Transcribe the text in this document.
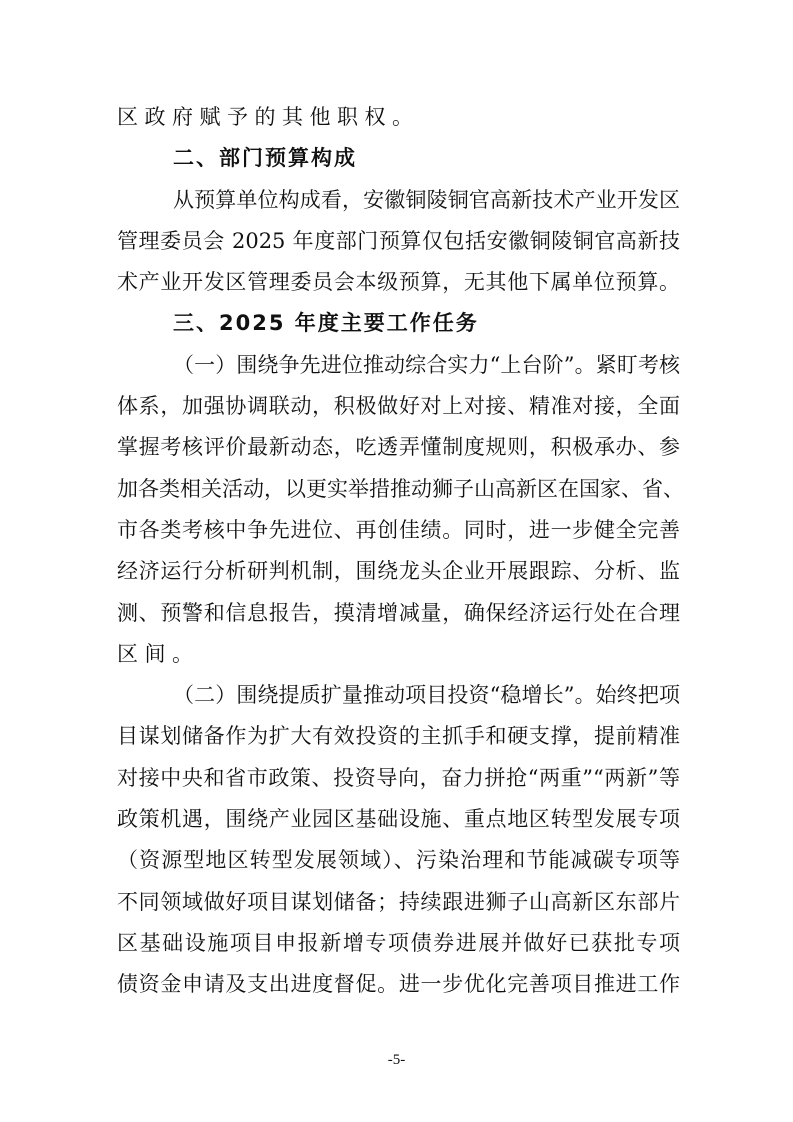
区政府赋予的其他职权。
二、部门预算构成
从预算单位构成看，安徽铜陵铜官高新技术产业开发区
管理委员会 2025 年度部门预算仅包括安徽铜陵铜官高新技
术产业开发区管理委员会本级预算，无其他下属单位预算。
三、2025 年度主要工作任务
（一）围绕争先进位推动综合实力“上台阶”。紧盯考核
体系，加强协调联动，积极做好对上对接、精准对接，全面
掌握考核评价最新动态，吃透弄懂制度规则，积极承办、参
加各类相关活动，以更实举措推动狮子山高新区在国家、省、
市各类考核中争先进位、再创佳绩。同时，进一步健全完善
经济运行分析研判机制，围绕龙头企业开展跟踪、分析、监
测、预警和信息报告，摸清增减量，确保经济运行处在合理
区间。
（二）围绕提质扩量推动项目投资“稳增长”。始终把项
目谋划储备作为扩大有效投资的主抓手和硬支撑，提前精准
对接中央和省市政策、投资导向，奋力拼抢“两重”“两新”等
政策机遇，围绕产业园区基础设施、重点地区转型发展专项
（资源型地区转型发展领域）、污染治理和节能减碳专项等
不同领域做好项目谋划储备；持续跟进狮子山高新区东部片
区基础设施项目申报新增专项债券进展并做好已获批专项
债资金申请及支出进度督促。进一步优化完善项目推进工作
-5-
